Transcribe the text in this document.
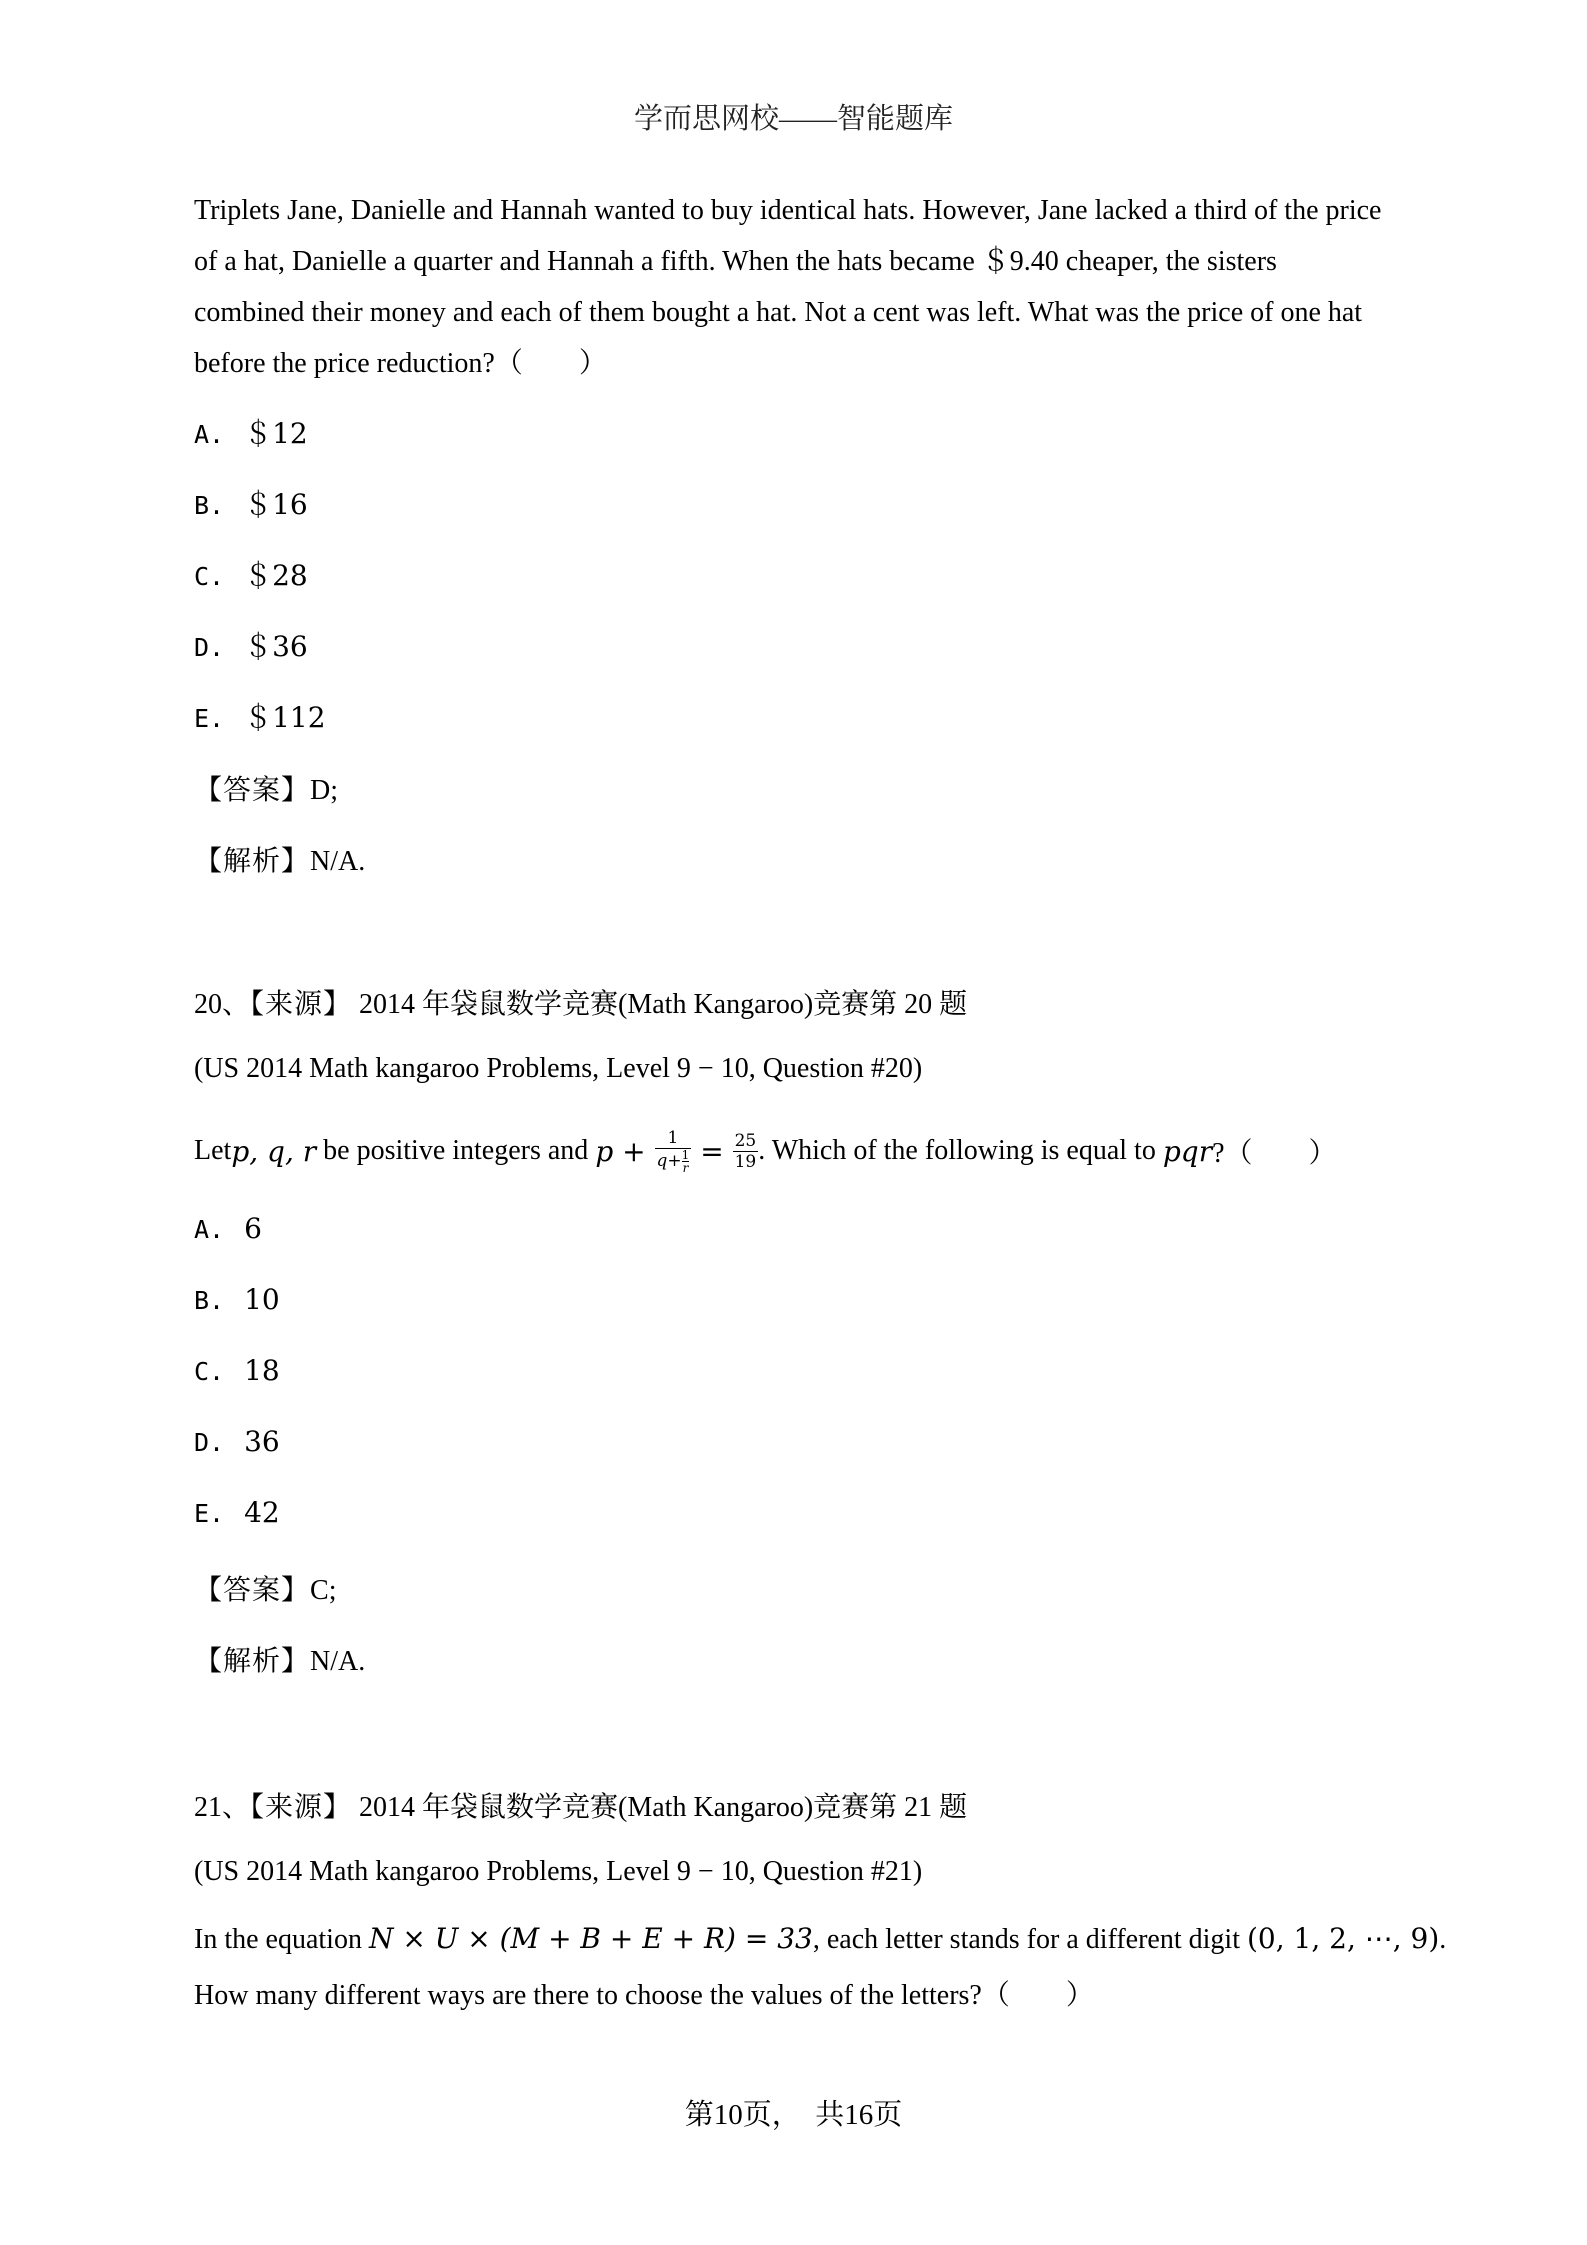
学而思网校——智能题库

Triplets Jane, Danielle and Hannah wanted to buy identical hats. However, Jane lacked a third of the price

of a hat, Danielle a quarter and Hannah a fifth. When the hats became ＄9.40 cheaper, the sisters

combined their money and each of them bought a hat. Not a cent was left. What was the price of one hat

before the price reduction?（　　）

A. ＄12
B. ＄16
C. ＄28
D. ＄36
E. ＄112
【答案】D;
【解析】N/A.
20、【来源】 2014 年袋鼠数学竞赛(Math Kangaroo)竞赛第 20 题
(US 2014 Math kangaroo Problems, Level 9 − 10, Question #20)
Let p, q, r be positive integers and $p + \frac{1}{q+ \frac{1}{r}} = \frac{25}{19}$ . Which of the following is equal to pqr ?（　　）
A. 6
B. 10
C. 18
D. 36
E. 42
【答案】C;
【解析】N/A.
21、【来源】 2014 年袋鼠数学竞赛(Math Kangaroo)竞赛第 21 题
(US 2014 Math kangaroo Problems, Level 9 − 10, Question #21)
In the equation N × U × (M + B + E + R) = 33, each letter stands for a different digit (0, 1, 2, ⋯, 9).
How many different ways are there to choose the values of the letters?（　　）
第10页，　共16页
